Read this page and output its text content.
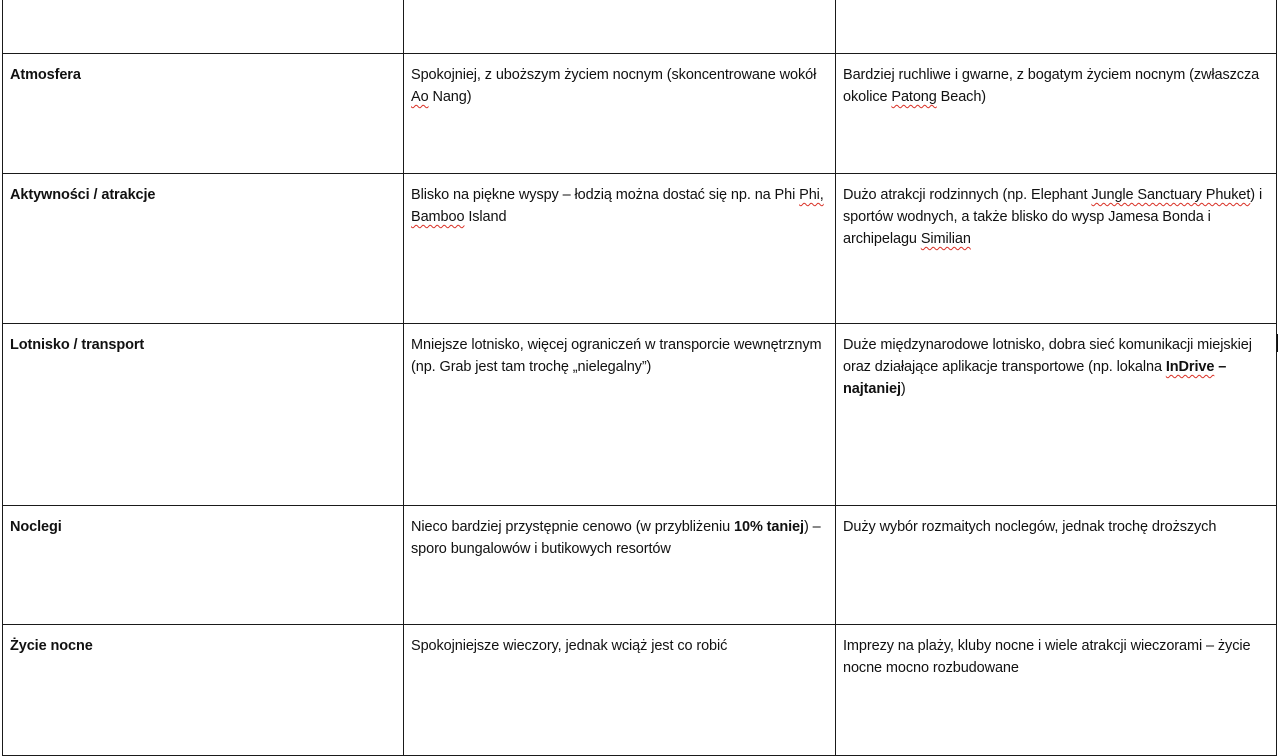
Atmosfera	Spokojniej, z uboższym życiem nocnym (skoncentrowane wokół Ao Nang)	Bardziej ruchliwe i gwarne, z bogatym życiem nocnym (zwłaszcza okolice Patong Beach)
Aktywności / atrakcje	Blisko na piękne wyspy – łodzią można dostać się np. na Phi Phi, Bamboo Island	Dużo atrakcji rodzinnych (np. Elephant Jungle Sanctuary Phuket) i sportów wodnych, a także blisko do wysp Jamesa Bonda i archipelagu Similian
Lotnisko / transport	Mniejsze lotnisko, więcej ograniczeń w transporcie wewnętrznym (np. Grab jest tam trochę „nielegalny”)	Duże międzynarodowe lotnisko, dobra sieć komunikacji miejskiej oraz działające aplikacje transportowe (np. lokalna InDrive – najtaniej)
Noclegi	Nieco bardziej przystępnie cenowo (w przybliżeniu 10% taniej) – sporo bungalowów i butikowych resortów	Duży wybór rozmaitych noclegów, jednak trochę droższych
Życie nocne	Spokojniejsze wieczory, jednak wciąż jest co robić	Imprezy na plaży, kluby nocne i wiele atrakcji wieczorami – życie nocne mocno rozbudowane
